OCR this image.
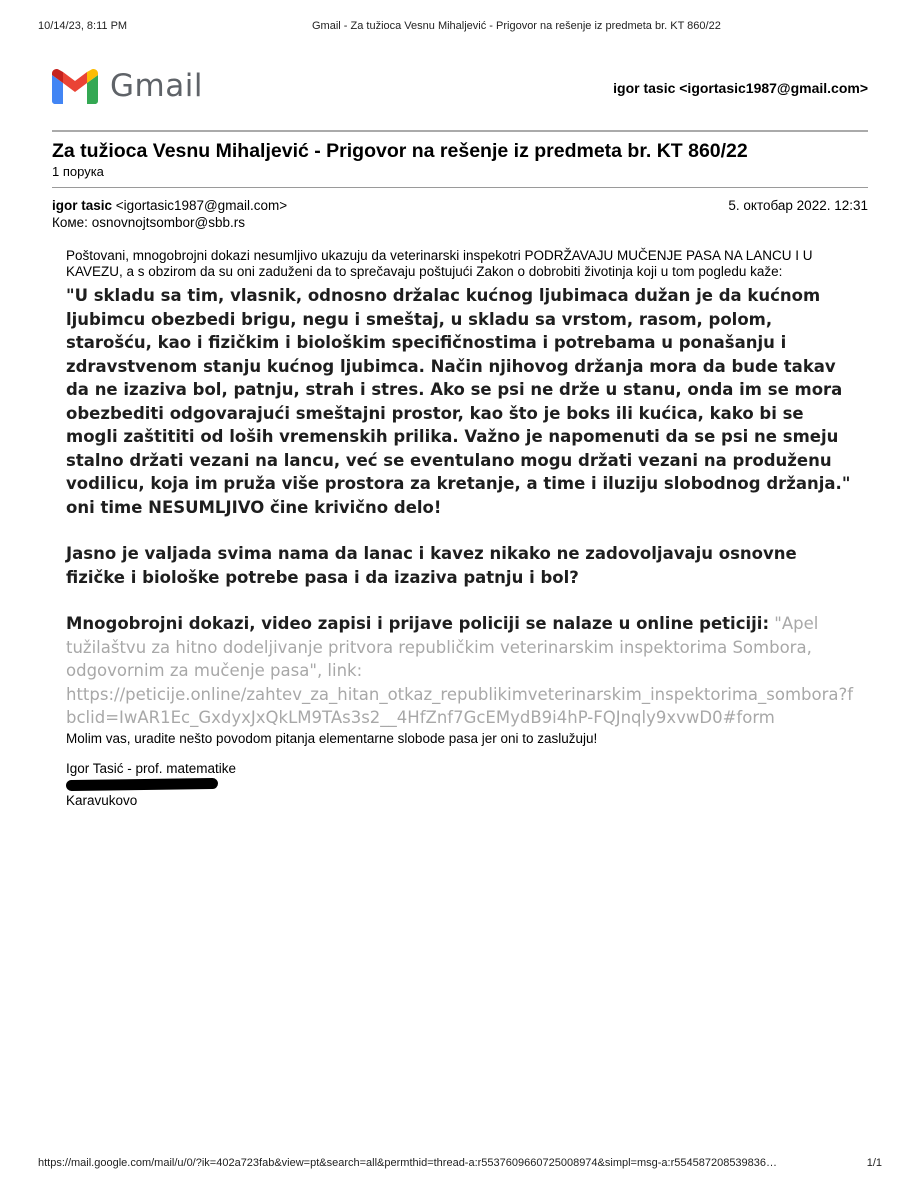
10/14/23, 8:11 PM	Gmail - Za tužioca Vesnu Mihaljević - Prigovor na rešenje iz predmeta br. KT 860/22
Gmail	igor tasic <igortasic1987@gmail.com>
Za tužioca Vesnu Mihaljević - Prigovor na rešenje iz predmeta br. KT 860/22
1 порука
igor tasic <igortasic1987@gmail.com>	5. октобар 2022. 12:31
Коме: osnovnojtsombor@sbb.rs

Poštovani, mnogobrojni dokazi nesumljivo ukazuju da veterinarski inspekotri PODRŽAVAJU MUČENJE PASA NA LANCU I U KAVEZU, a s obzirom da su oni zaduženi da to sprečavaju poštujući Zakon o dobrobiti životinja koji u tom pogledu kaže:

"U skladu sa tim, vlasnik, odnosno držalac kućnog ljubimaca dužan je da kućnom ljubimcu obezbedi brigu, negu i smeštaj, u skladu sa vrstom, rasom, polom, starošću, kao i fizičkim i biološkim specifičnostima i potrebama u ponašanju i zdravstvenom stanju kućnog ljubimca. Način njihovog držanja mora da bude takav da ne izaziva bol, patnju, strah i stres. Ako se psi ne drže u stanu, onda im se mora obezbediti odgovarajući smeštajni prostor, kao što je boks ili kućica, kako bi se mogli zaštititi od loših vremenskih prilika. Važno je napomenuti da se psi ne smeju stalno držati vezani na lancu, već se eventulano mogu držati vezani na produženu vodilicu, koja im pruža više prostora za kretanje, a time i iluziju slobodnog držanja." oni time NESUMLJIVO čine krivično delo!

Jasno je valjada svima nama da lanac i kavez nikako ne zadovoljavaju osnovne fizičke i biološke potrebe pasa i da izaziva patnju i bol?

Mnogobrojni dokazi, video zapisi i prijave policiji se nalaze u online peticiji: "Apel tužilaštvu za hitno dodeljivanje pritvora republičkim veterinarskim inspektorima Sombora, odgovornim za mučenje pasa", link:
https://peticije.online/zahtev_za_hitan_otkaz_republikimveterinarskim_inspektorima_sombora?fbclid=IwAR1Ec_GxdyxJxQkLM9TAs3s2__4HfZnf7GcEMydB9i4hP-FQJnqly9xvwD0#form

Molim vas, uradite nešto povodom pitanja elementarne slobode pasa jer oni to zaslužuju!

Igor Tasić - prof. matematike

Karavukovo

https://mail.google.com/mail/u/0/?ik=402a723fab&view=pt&search=all&permthid=thread-a:r5537609660725008974&simpl=msg-a:r554587208539836…	1/1
